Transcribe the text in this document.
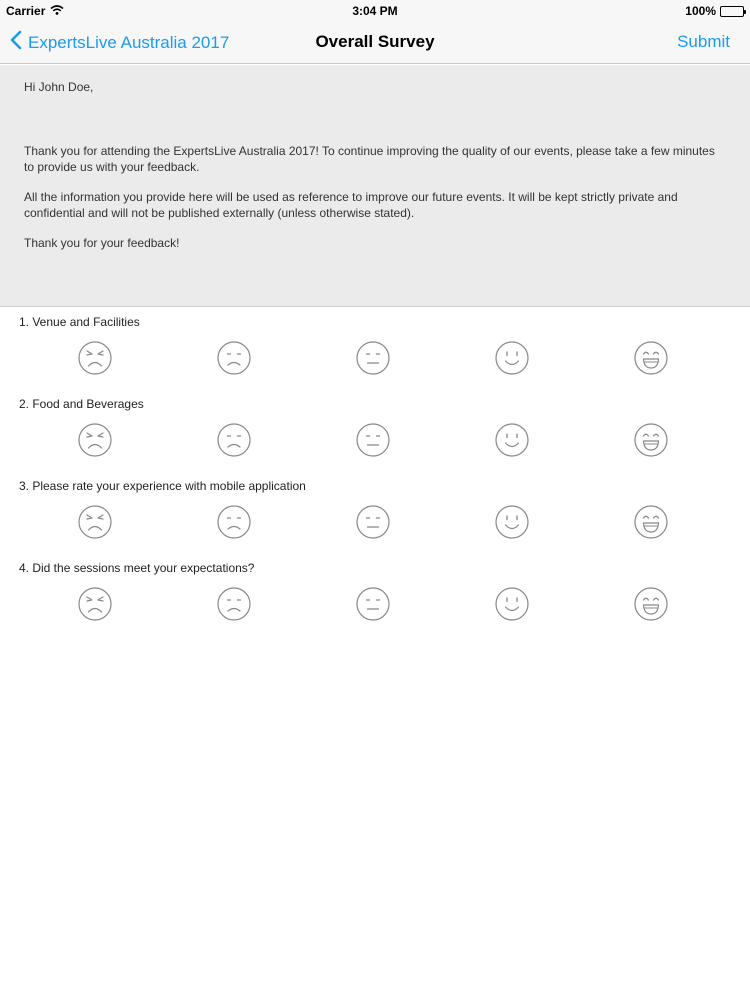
Carrier	3:04 PM	100%
ExpertsLive Australia 2017	Overall Survey	Submit

Hi John Doe,

Thank you for attending the ExpertsLive Australia 2017! To continue improving the quality of our events, please take a few minutes to provide us with your feedback.

All the information you provide here will be used as reference to improve our future events. It will be kept strictly private and confidential and will not be published externally (unless otherwise stated).

Thank you for your feedback!

1. Venue and Facilities
2. Food and Beverages
3. Please rate your experience with mobile application
4. Did the sessions meet your expectations?
